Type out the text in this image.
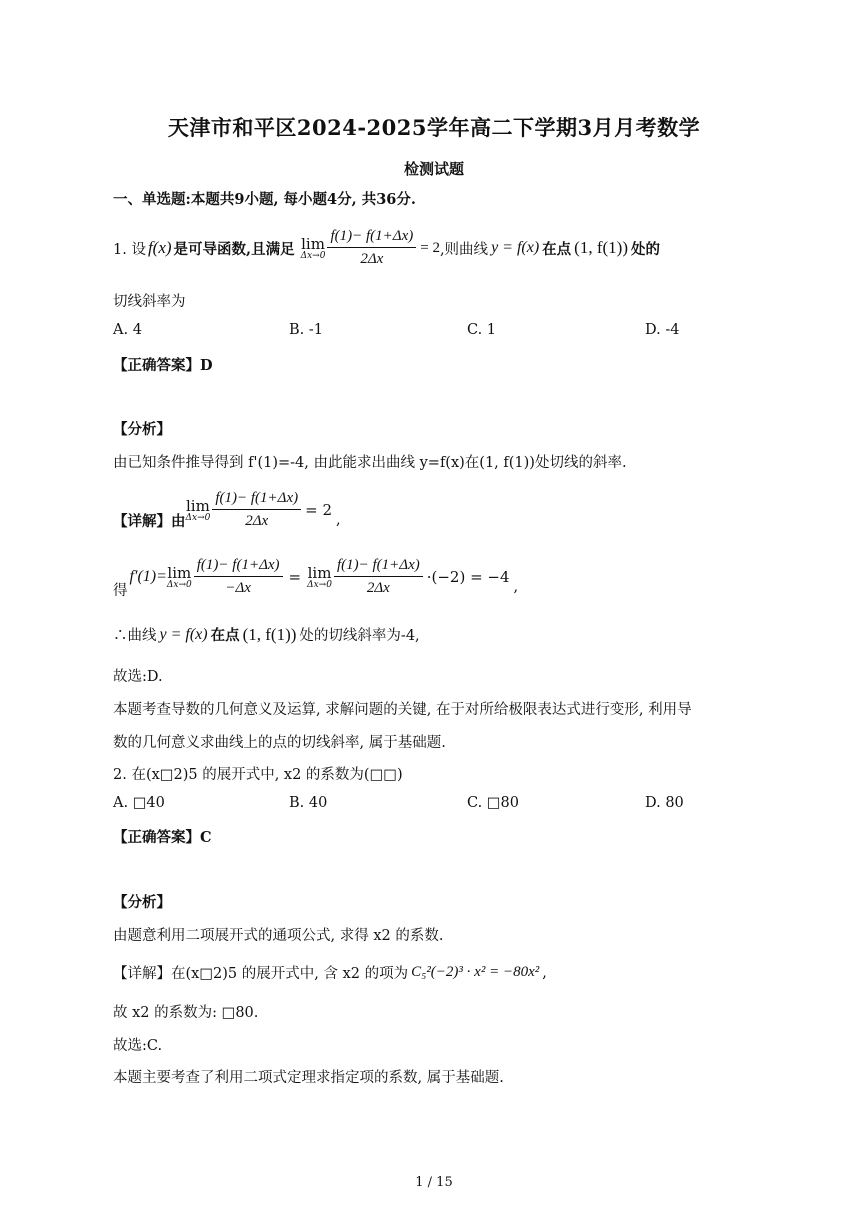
天津市和平区2024-2025学年高二下学期3月月考数学
检测试题
一、单选题:本题共9小题, 每小题4分, 共36分.
1. 设 f(x) 是可导函数,且满足 lim
$\Delta x\to 0 \frac{f(1)- f(1+\Delta x)}{2\Delta x} = 2$ ,则曲线 y = f(x) 在点 (1, f(1)) 处的
切线斜率为
A. 4	B. -1	C. 1	D. -4
【正确答案】D
【分析】
由已知条件推导得到 f'(1)=-4, 由此能求出曲线 y=f(x)在(1, f(1))处切线的斜率.
【详解】由
lim
$\Delta x\to 0 \frac{f(1)- f(1+\Delta x)}{2\Delta x} = 2$
,
得
f′(1)= lim
$\Delta x\to 0 \frac{f(1)- f(1+\Delta x)}{-\Delta x} = \lim$
$\Delta x\to 0 \frac{f(1)- f(1+\Delta x)}{2\Delta x} \cdot(-2) = -4$
,
∴曲线 y = f(x) 在点 (1, f(1)) 处的切线斜率为-4,
故选:D.
本题考查导数的几何意义及运算, 求解问题的关键, 在于对所给极限表达式进行变形, 利用导
数的几何意义求曲线上的点的切线斜率, 属于基础题.
2. 在(x□2)5 的展开式中, x2 的系数为(□□)
A. □40	B. 40	C. □80	D. 80
【正确答案】C
【分析】
由题意利用二项展开式的通项公式, 求得 x2 的系数.
【详解】在(x□2)5 的展开式中, 含 x2 的项为 C₅²(−2)³ · x² = −80x² ,
故 x2 的系数为: □80.
故选:C.
本题主要考查了利用二项式定理求指定项的系数, 属于基础题.
1 / 15
